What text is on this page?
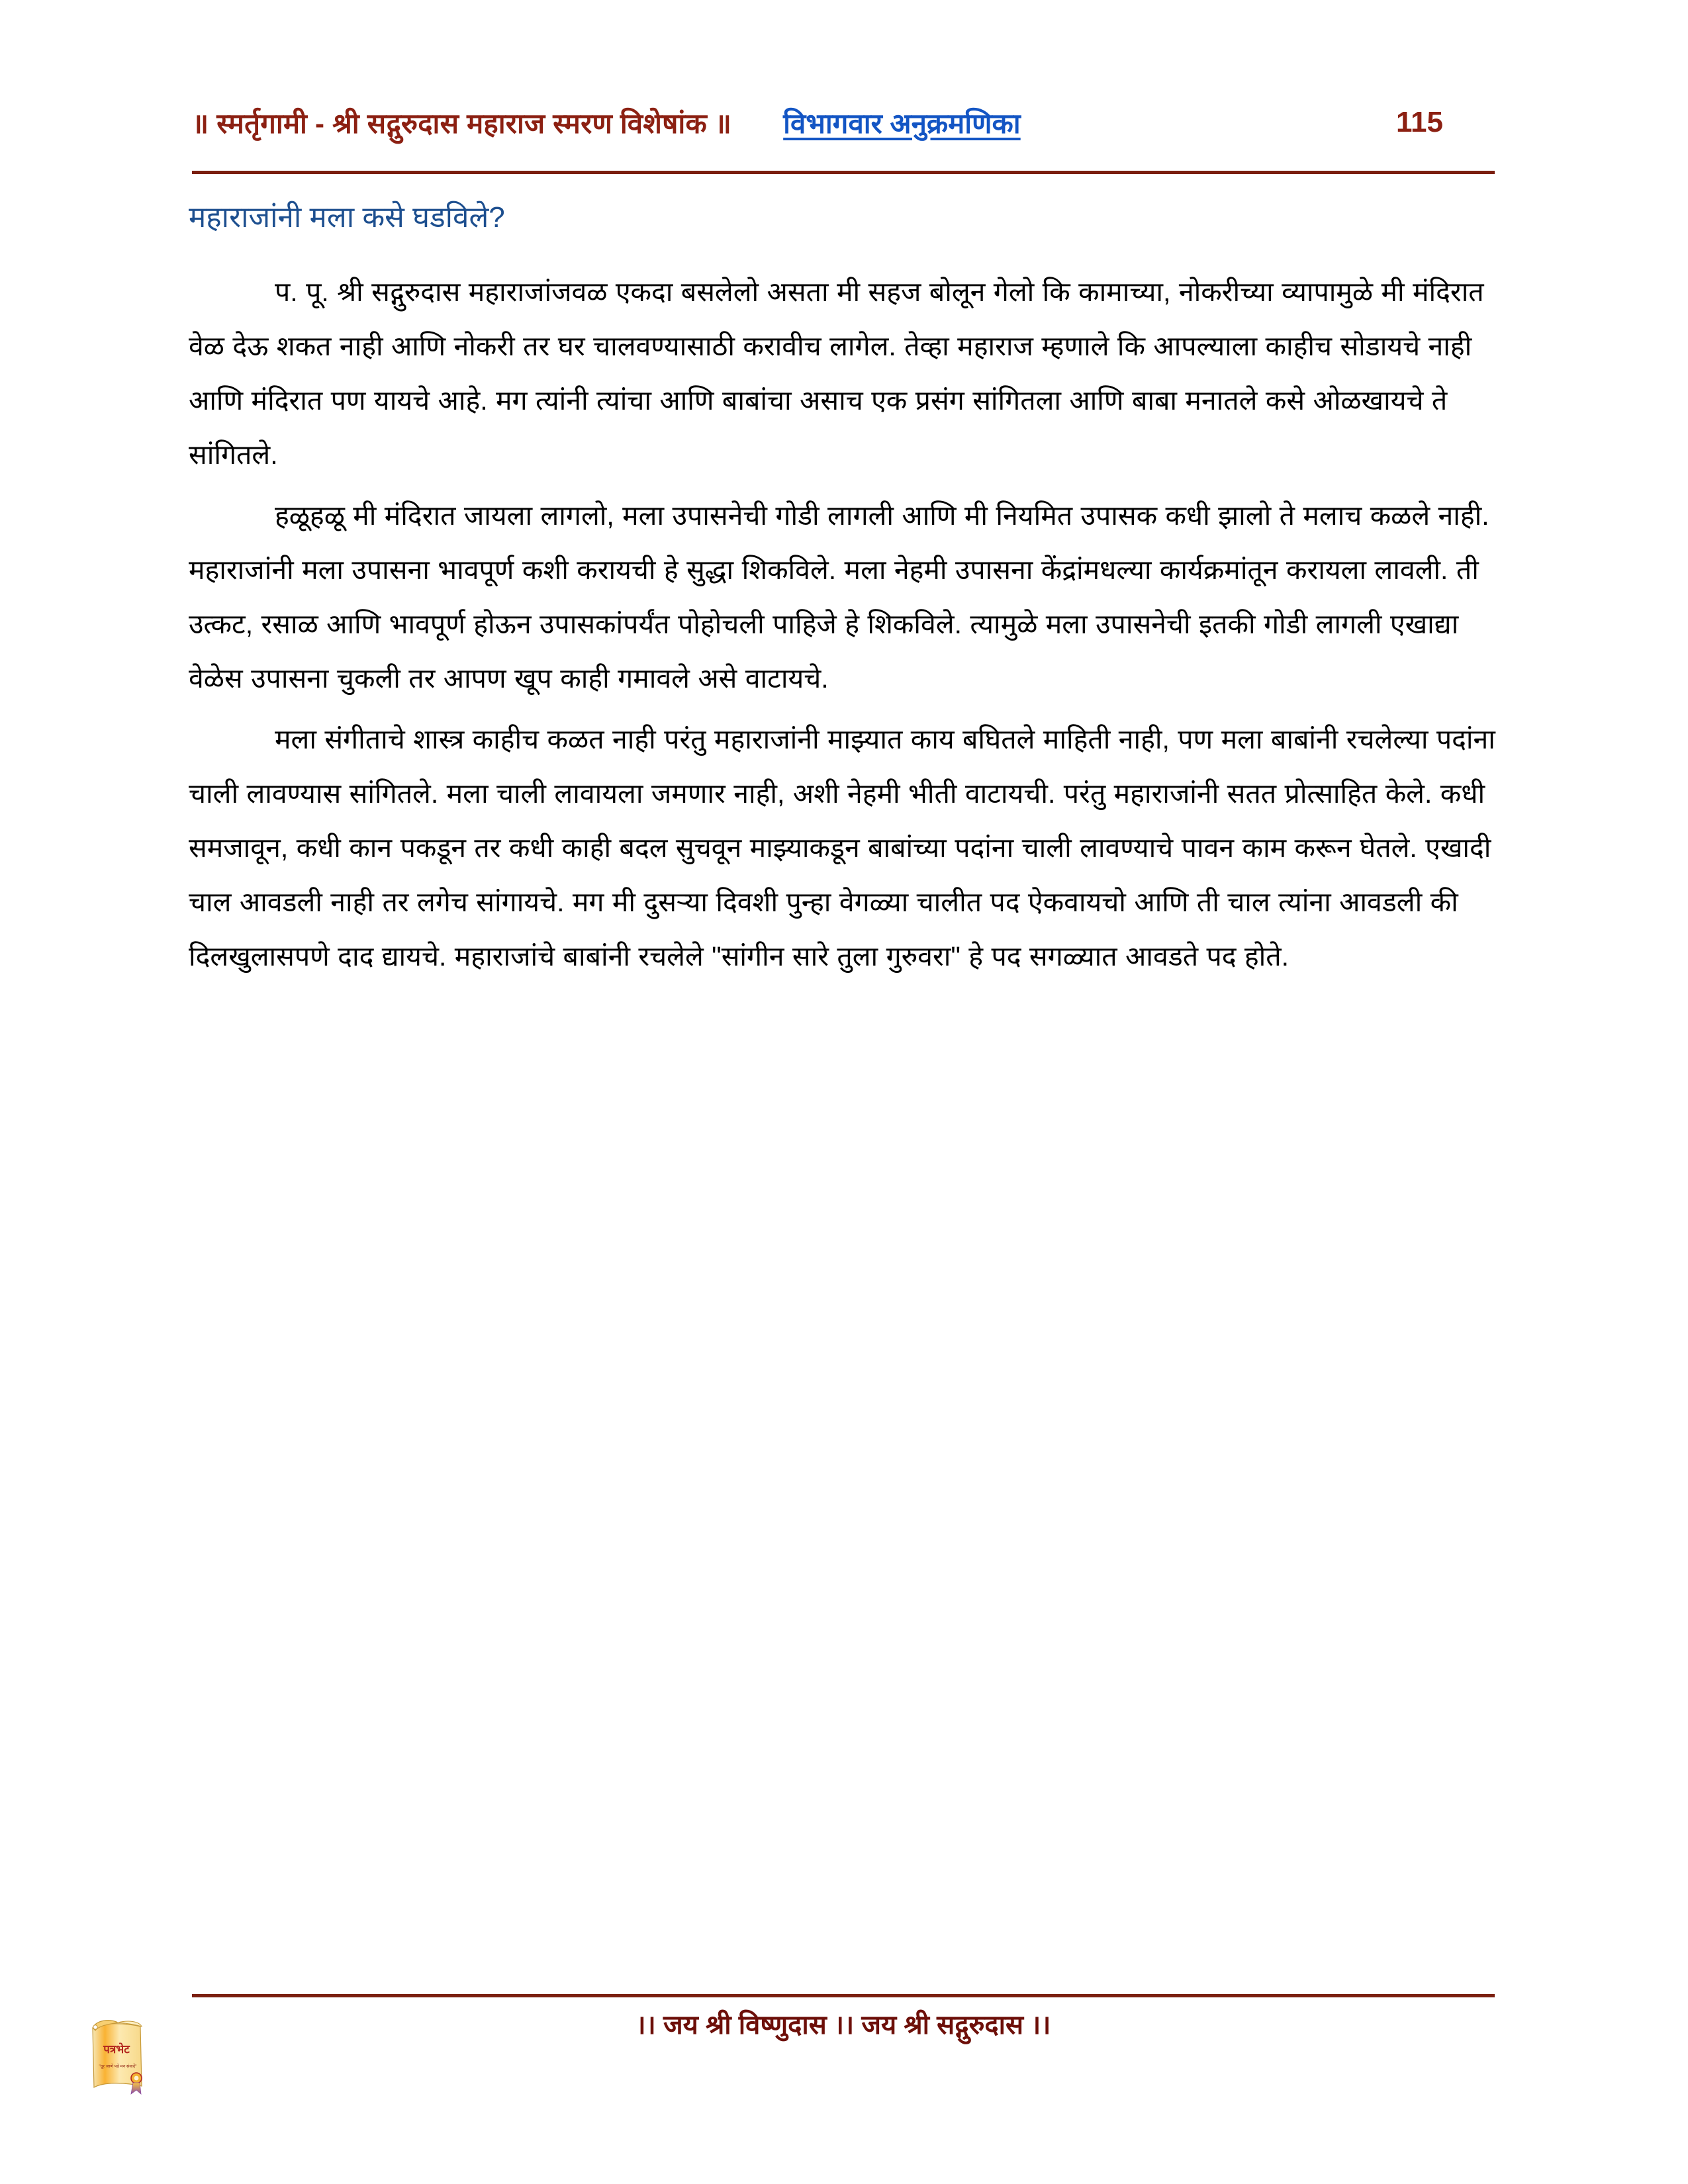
॥ स्मर्तृगामी - श्री सद्गुरुदास महाराज स्मरण विशेषांक ॥ विभागवार अनुक्रमणिका	115
महाराजांनी मला कसे घडविले?

प. पू. श्री सद्गुरुदास महाराजांजवळ एकदा बसलेलो असता मी सहज बोलून गेलो कि कामाच्या, नोकरीच्या व्यापामुळे मी मंदिरात वेळ देऊ शकत नाही आणि नोकरी तर घर चालवण्यासाठी करावीच लागेल. तेव्हा महाराज म्हणाले कि आपल्याला काहीच सोडायचे नाही आणि मंदिरात पण यायचे आहे. मग त्यांनी त्यांचा आणि बाबांचा असाच एक प्रसंग सांगितला आणि बाबा मनातले कसे ओळखायचे ते सांगितले.

हळूहळू मी मंदिरात जायला लागलो, मला उपासनेची गोडी लागली आणि मी नियमित उपासक कधी झालो ते मलाच कळले नाही. महाराजांनी मला उपासना भावपूर्ण कशी करायची हे सुद्धा शिकविले. मला नेहमी उपासना केंद्रांमधल्या कार्यक्रमांतून करायला लावली. ती उत्कट, रसाळ आणि भावपूर्ण होऊन उपासकांपर्यंत पोहोचली पाहिजे हे शिकविले. त्यामुळे मला उपासनेची इतकी गोडी लागली एखाद्या वेळेस उपासना चुकली तर आपण खूप काही गमावले असे वाटायचे.

मला संगीताचे शास्त्र काहीच कळत नाही परंतु महाराजांनी माझ्यात काय बघितले माहिती नाही, पण मला बाबांनी रचलेल्या पदांना चाली लावण्यास सांगितले. मला चाली लावायला जमणार नाही, अशी नेहमी भीती वाटायची. परंतु महाराजांनी सतत प्रोत्साहित केले. कधी समजावून, कधी कान पकडून तर कधी काही बदल सुचवून माझ्याकडून बाबांच्या पदांना चाली लावण्याचे पावन काम करून घेतले. एखादी चाल आवडली नाही तर लगेच सांगायचे. मग मी दुसऱ्या दिवशी पुन्हा वेगळ्या चालीत पद ऐकवायचो आणि ती चाल त्यांना आवडली की दिलखुलासपणे दाद द्यायचे. महाराजांचे बाबांनी रचलेले "सांगीन सारे तुला गुरुवरा" हे पद सगळ्यात आवडते पद होते.

।। जय श्री विष्णुदास ।। जय श्री सद्गुरुदास ।।
पत्रभेट
"दूर जाणे पडे मन संवादें"
